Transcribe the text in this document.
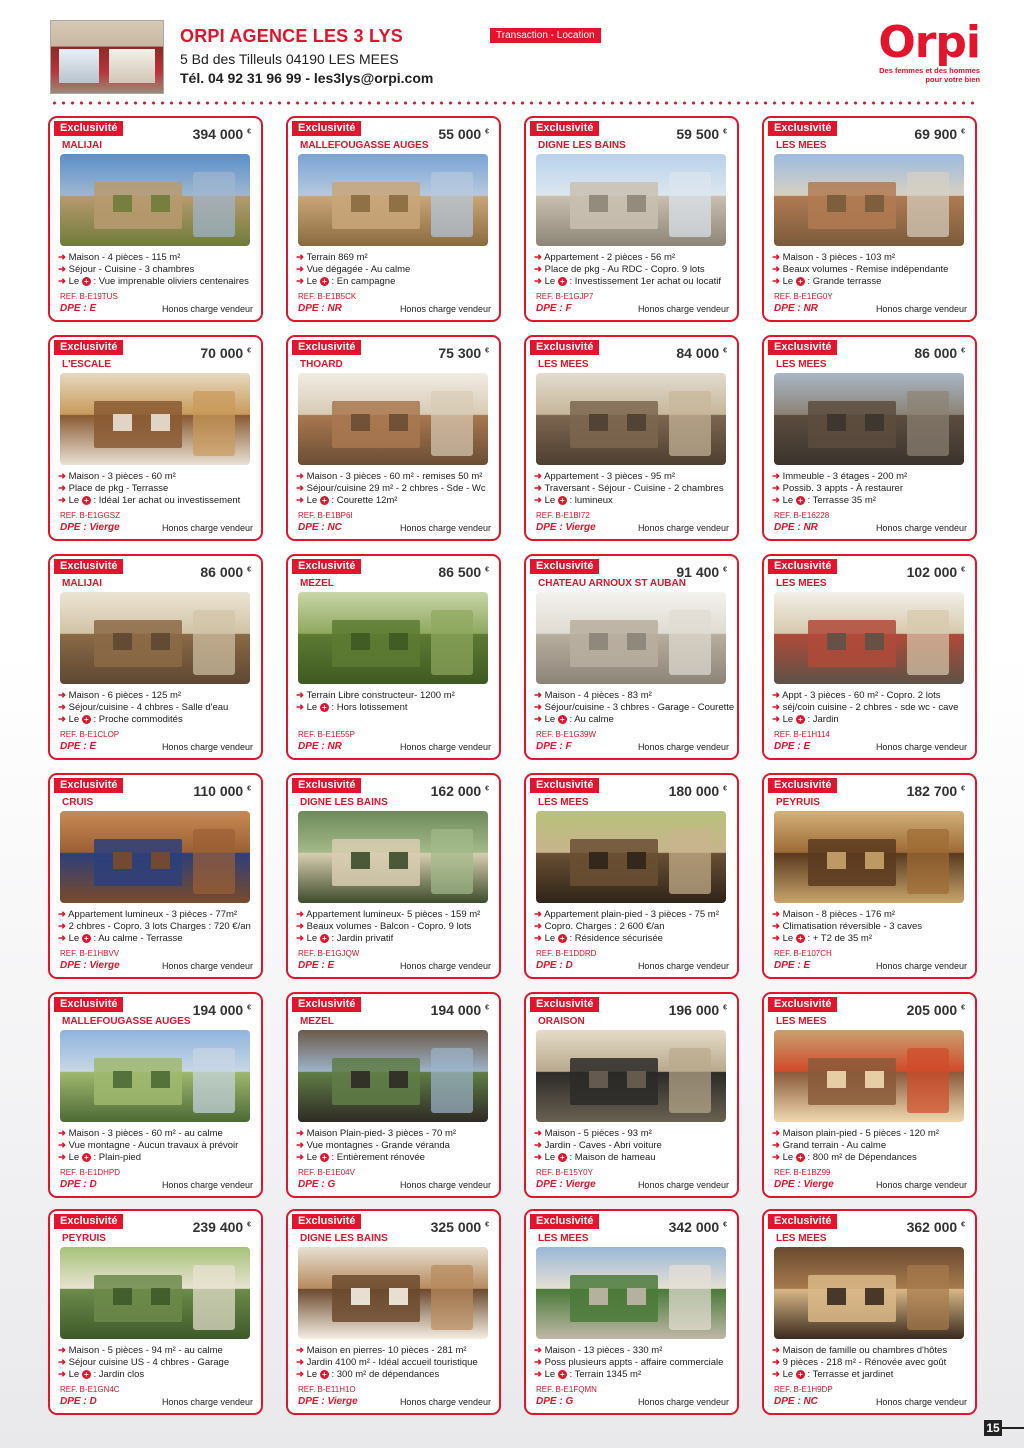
ORPI AGENCE LES 3 LYS
5 Bd des Tilleuls 04190 LES MEES
Tél. 04 92 31 96 99 - les3lys@orpi.com
Transaction - Location	Orpi
Des femmes et des hommes
pour votre bien
Exclusivité	394 000 €
MALIJAI
➜ Maison - 4 pièces - 115 m²
➜ Séjour - Cuisine - 3 chambres
➜ Le + : Vue imprenable oliviers centenaires
REF. B-E19TUS
DPE : E	Honos charge vendeur
Exclusivité	55 000 €
MALLEFOUGASSE AUGES
➜ Terrain 869 m²
➜ Vue dégagée - Au calme
➜ Le + : En campagne
REF. B-E1B5CK
DPE : NR	Honos charge vendeur
Exclusivité	59 500 €
DIGNE LES BAINS
➜ Appartement - 2 pièces - 56 m²
➜ Place de pkg - Au RDC - Copro. 9 lots
➜ Le + : Investissement 1er achat ou locatif
REF. B-E1GJP7
DPE : F	Honos charge vendeur
Exclusivité	69 900 €
LES MEES
➜ Maison - 3 pièces - 103 m²
➜ Beaux volumes - Remise indépendante
➜ Le + : Grande terrasse
REF. B-E1EG0Y
DPE : NR	Honos charge vendeur
Exclusivité	70 000 €
L'ESCALE
➜ Maison - 3 pièces - 60 m²
➜ Place de pkg - Terrasse
➜ Le + : Idéal 1er achat ou investissement
REF. B-E1GGSZ
DPE : Vierge	Honos charge vendeur
Exclusivité	75 300 €
THOARD
➜ Maison - 3 pièces - 60 m² - remises 50 m²
➜ Séjour/cuisine 29 m² - 2 chbres - Sde - Wc
➜ Le + : Courette 12m²
REF. B-E1BP6I
DPE : NC	Honos charge vendeur
Exclusivité	84 000 €
LES MEES
➜ Appartement - 3 pièces - 95 m²
➜ Traversant - Séjour - Cuisine - 2 chambres
➜ Le + : lumineux
REF. B-E1BI72
DPE : Vierge	Honos charge vendeur
Exclusivité	86 000 €
LES MEES
➜ Immeuble - 3 étages - 200 m²
➜ Possib. 3 appts - À restaurer
➜ Le + : Terrasse 35 m²
REF. B-E16228
DPE : NR	Honos charge vendeur
Exclusivité	86 000 €
MALIJAI
➜ Maison - 6 pièces - 125 m²
➜ Séjour/cuisine - 4 chbres - Salle d'eau
➜ Le + : Proche commodités
REF. B-E1CLOP
DPE : E	Honos charge vendeur
Exclusivité	86 500 €
MEZEL
➜ Terrain Libre constructeur- 1200 m²
➜ Le + : Hors lotissement
REF. B-E1E55P
DPE : NR	Honos charge vendeur
Exclusivité	91 400 €
CHATEAU ARNOUX ST AUBAN
➜ Maison - 4 pièces - 83 m²
➜ Séjour/cuisine - 3 chbres - Garage - Courette
➜ Le + : Au calme
REF. B-E1G39W
DPE : F	Honos charge vendeur
Exclusivité	102 000 €
LES MEES
➜ Appt - 3 pièces - 60 m² - Copro. 2 lots
➜ séj/coin cuisine - 2 chbres - sde wc - cave
➜ Le + : Jardin
REF. B-E1H114
DPE : E	Honos charge vendeur
Exclusivité	110 000 €
CRUIS
➜ Appartement lumineux - 3 pièces - 77m²
➜ 2 chbres - Copro. 3 lots Charges : 720 €/an
➜ Le + : Au calme - Terrasse
REF. B-E1HBVV
DPE : Vierge	Honos charge vendeur
Exclusivité	162 000 €
DIGNE LES BAINS
➜ Appartement lumineux- 5 pièces - 159 m²
➜ Beaux volumes - Balcon - Copro. 9 lots
➜ Le + : Jardin privatif
REF. B-E1GJQW
DPE : E	Honos charge vendeur
Exclusivité	180 000 €
LES MEES
➜ Appartement plain-pied - 3 pièces - 75 m²
➜ Copro. Charges : 2 600 €/an
➜ Le + : Résidence sécurisée
REF. B-E1DDRD
DPE : D	Honos charge vendeur
Exclusivité	182 700 €
PEYRUIS
➜ Maison - 8 pièces - 176 m²
➜ Climatisation réversible - 3 caves
➜ Le + : + T2 de 35 m²
REF. B-E107CH
DPE : E	Honos charge vendeur
Exclusivité	194 000 €
MALLEFOUGASSE AUGES
➜ Maison - 3 pièces - 60 m² - au calme
➜ Vue montagne - Aucun travaux à prévoir
➜ Le + : Plain-pied
REF. B-E1DHPD
DPE : D	Honos charge vendeur
Exclusivité	194 000 €
MEZEL
➜ Maison Plain-pied- 3 pièces - 70 m²
➜ Vue montagnes - Grande véranda
➜ Le + : Entièrement rénovée
REF. B-E1E04V
DPE : G	Honos charge vendeur
Exclusivité	196 000 €
ORAISON
➜ Maison - 5 pièces - 93 m²
➜ Jardin - Caves - Abri voiture
➜ Le + : Maison de hameau
REF. B-E15Y0Y
DPE : Vierge	Honos charge vendeur
Exclusivité	205 000 €
LES MEES
➜ Maison plain-pied - 5 pièces - 120 m²
➜ Grand terrain - Au calme
➜ Le + : 800 m² de Dépendances
REF. B-E1BZ99
DPE : Vierge	Honos charge vendeur
Exclusivité	239 400 €
PEYRUIS
➜ Maison - 5 pièces - 94 m² - au calme
➜ Séjour cuisine US - 4 chbres - Garage
➜ Le + : Jardin clos
REF. B-E1GN4C
DPE : D	Honos charge vendeur
Exclusivité	325 000 €
DIGNE LES BAINS
➜ Maison en pierres- 10 pièces - 281 m²
➜ Jardin 4100 m² - Idéal accueil touristique
➜ Le + : 300 m² de dépendances
REF. B-E11H1O
DPE : Vierge	Honos charge vendeur
Exclusivité	342 000 €
LES MEES
➜ Maison - 13 pièces - 330 m²
➜ Poss plusieurs appts - affaire commerciale
➜ Le + : Terrain 1345 m²
REF. B-E1FQMN
DPE : G	Honos charge vendeur
Exclusivité	362 000 €
LES MEES
➜ Maison de famille ou chambres d'hôtes
➜ 9 pièces - 218 m² - Rénovée avec goût
➜ Le + : Terrasse et jardinet
REF. B-E1H9DP
DPE : NC	Honos charge vendeur
15
